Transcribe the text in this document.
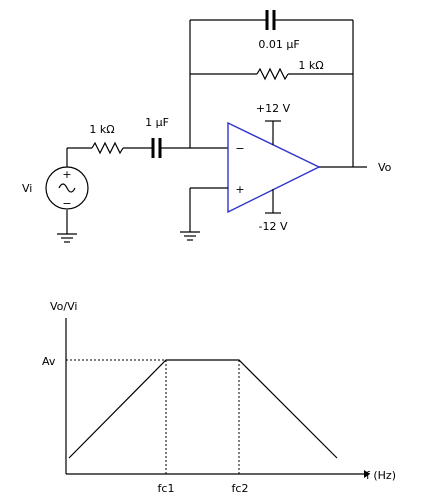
+
−
Vi
1 kΩ
1 μF
0.01 μF
1 kΩ
−
+
+12 V
-12 V
Vo
Vo/Vi
f (Hz)
Av
fc1	fc2
